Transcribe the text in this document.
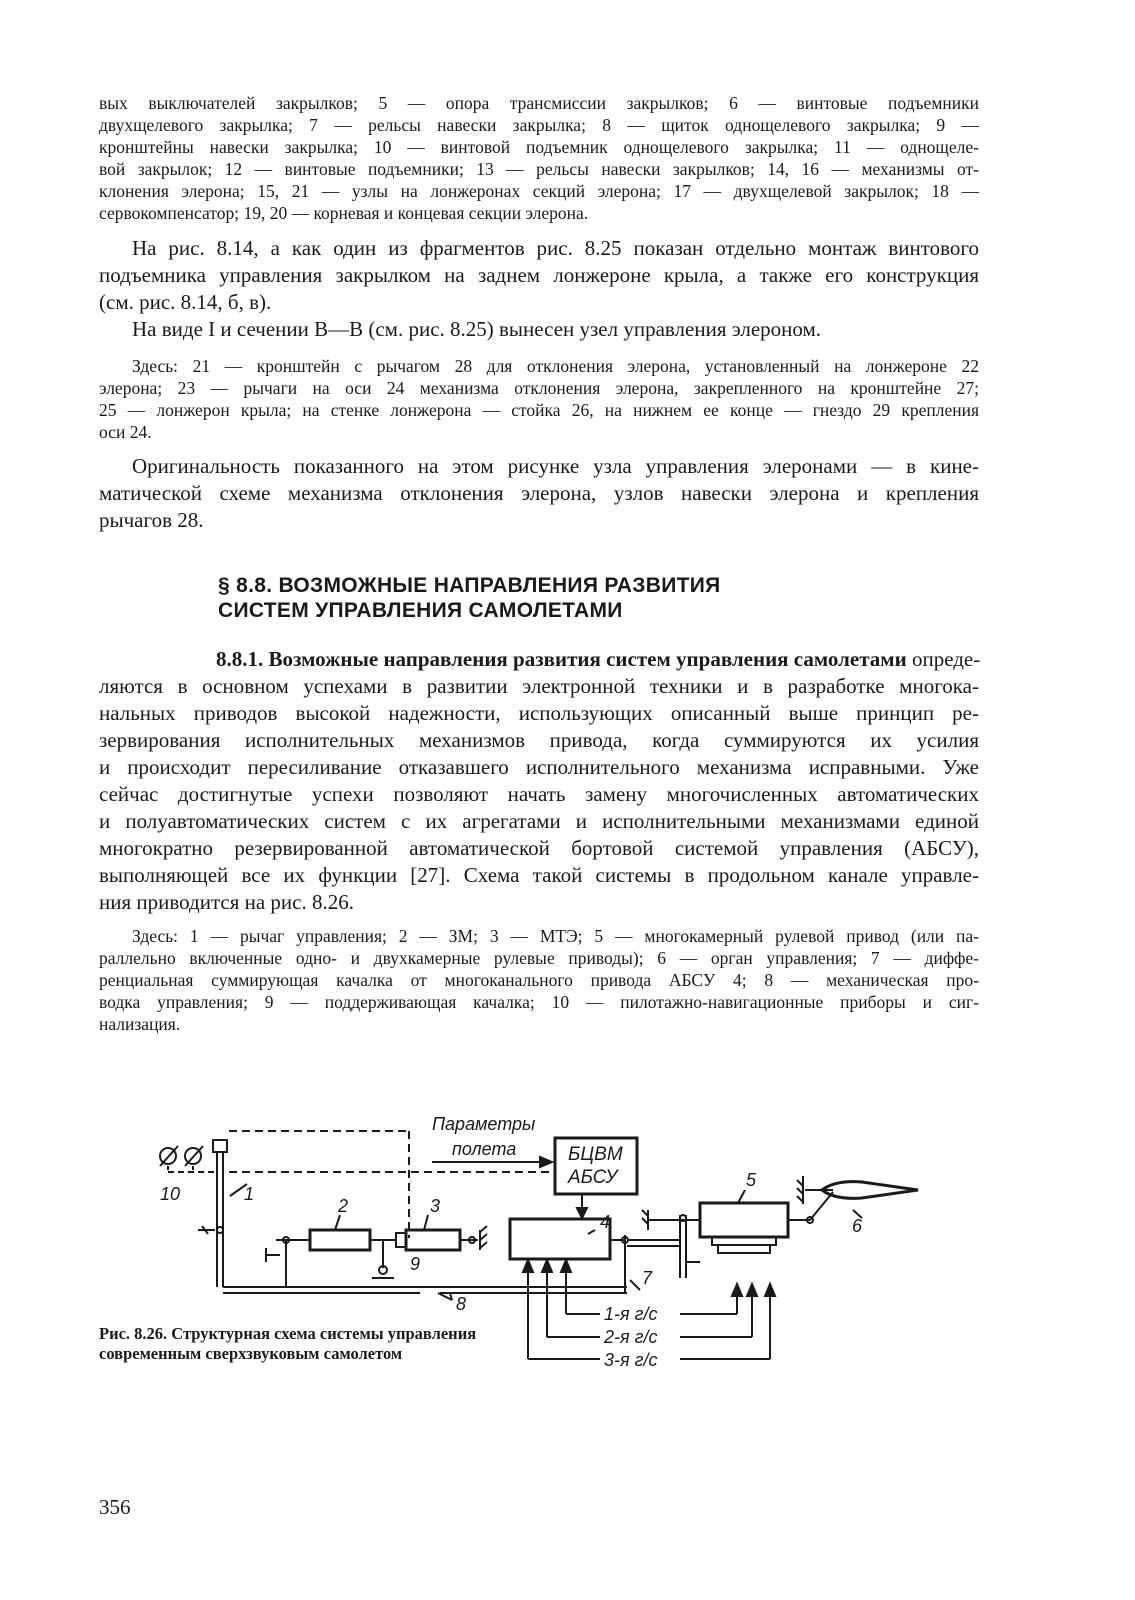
вых выключателей закрылков; 5 — опора трансмиссии закрылков; 6 — винтовые подъемники
двухщелевого закрылка; 7 — рельсы навески закрылка; 8 — щиток однощелевого закрылка; 9 —
кронштейны навески закрылка; 10 — винтовой подъемник однощелевого закрылка; 11 — однощеле-
вой закрылок; 12 — винтовые подъемники; 13 — рельсы навески закрылков; 14, 16 — механизмы от-
клонения элерона; 15, 21 — узлы на лонжеронах секций элерона; 17 — двухщелевой закрылок; 18 —
сервокомпенсатор; 19, 20 — корневая и концевая секции элерона.
На рис. 8.14, а как один из фрагментов рис. 8.25 показан отдельно монтаж винтового
подъемника управления закрылком на заднем лонжероне крыла, а также его конструкция
(см. рис. 8.14, б, в).
На виде I и сечении B—B (см. рис. 8.25) вынесен узел управления элероном.
Здесь: 21 — кронштейн с рычагом 28 для отклонения элерона, установленный на лонжероне 22
элерона; 23 — рычаги на оси 24 механизма отклонения элерона, закрепленного на кронштейне 27;
25 — лонжерон крыла; на стенке лонжерона — стойка 26, на нижнем ее конце — гнездо 29 крепления
оси 24.
Оригинальность показанного на этом рисунке узла управления элеронами — в кине-
матической схеме механизма отклонения элерона, узлов навески элерона и крепления
рычагов 28.
§ 8.8. ВОЗМОЖНЫЕ НАПРАВЛЕНИЯ РАЗВИТИЯ
СИСТЕМ УПРАВЛЕНИЯ САМОЛЕТАМИ
8.8.1. Возможные направления развития систем управления самолетами опреде-
ляются в основном успехами в развитии электронной техники и в разработке многока-
нальных приводов высокой надежности, использующих описанный выше принцип ре-
зервирования исполнительных механизмов привода, когда суммируются их усилия
и происходит пересиливание отказавшего исполнительного механизма исправными. Уже
сейчас достигнутые успехи позволяют начать замену многочисленных автоматических
и полуавтоматических систем с их агрегатами и исполнительными механизмами единой
многократно резервированной автоматической бортовой системой управления (АБСУ),
выполняющей все их функции [27]. Схема такой системы в продольном канале управле-
ния приводится на рис. 8.26.
Здесь: 1 — рычаг управления; 2 — ЗМ; 3 — МТЭ; 5 — многокамерный рулевой привод (или па-
раллельно включенные одно- и двухкамерные рулевые приводы); 6 — орган управления; 7 — диффе-
ренциальная суммирующая качалка от многоканального привода АБСУ 4; 8 — механическая про-
водка управления; 9 — поддерживающая качалка; 10 — пилотажно-навигационные приборы и сиг-
нализация.
Параметры
полета	БЦВМ
АБСУ
1
2	3
4
5
6
7
8
9
10
1-я г/с
2-я г/с
3-я г/с
Рис. 8.26. Структурная схема системы управления
современным сверхзвуковым самолетом
356
